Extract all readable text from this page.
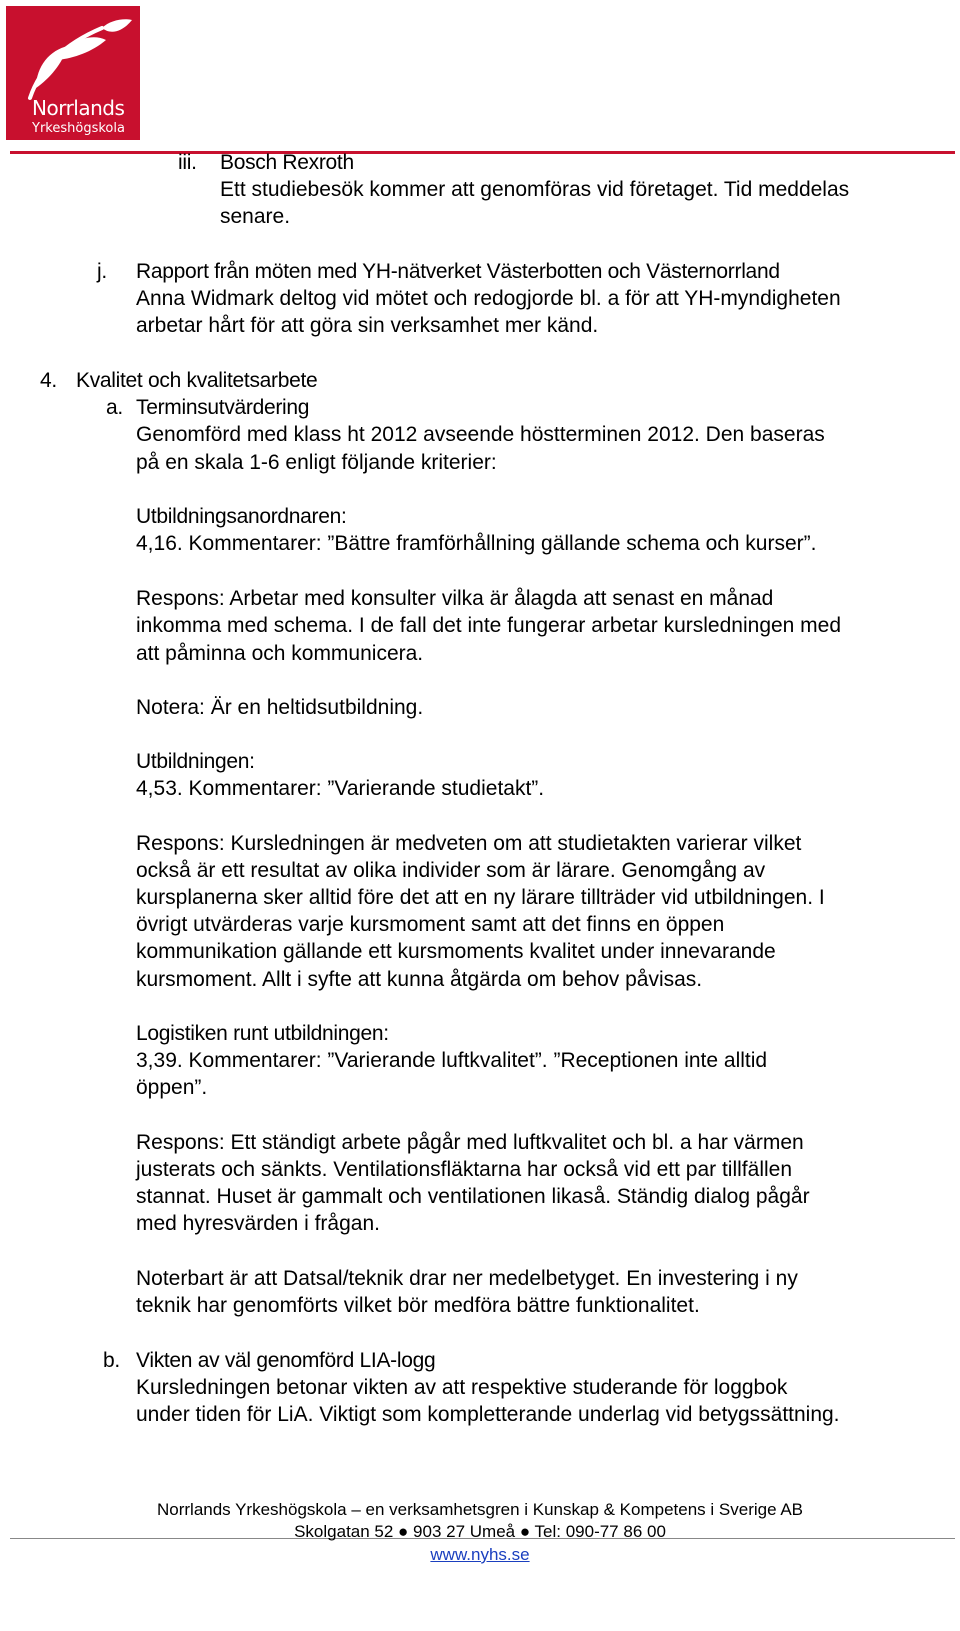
Norrlands
Yrkeshögskola
iii. Bosch Rexroth
Ett studiebesök kommer att genomföras vid företaget. Tid meddelas
senare.
j. Rapport från möten med YH-nätverket Västerbotten och Västernorrland
Anna Widmark deltog vid mötet och redogjorde bl. a för att YH-myndigheten
arbetar hårt för att göra sin verksamhet mer känd.
4. Kvalitet och kvalitetsarbete
a. Terminsutvärdering
Genomförd med klass ht 2012 avseende höstterminen 2012. Den baseras
på en skala 1-6 enligt följande kriterier:
Utbildningsanordnaren:
4,16. Kommentarer: ”Bättre framförhållning gällande schema och kurser”.
Respons: Arbetar med konsulter vilka är ålagda att senast en månad
inkomma med schema. I de fall det inte fungerar arbetar kursledningen med
att påminna och kommunicera.
Notera: Är en heltidsutbildning.
Utbildningen:
4,53. Kommentarer: ”Varierande studietakt”.
Respons: Kursledningen är medveten om att studietakten varierar vilket
också är ett resultat av olika individer som är lärare. Genomgång av
kursplanerna sker alltid före det att en ny lärare tillträder vid utbildningen. I
övrigt utvärderas varje kursmoment samt att det finns en öppen
kommunikation gällande ett kursmoments kvalitet under innevarande
kursmoment. Allt i syfte att kunna åtgärda om behov påvisas.
Logistiken runt utbildningen:
3,39. Kommentarer: ”Varierande luftkvalitet”. ”Receptionen inte alltid
öppen”.
Respons: Ett ständigt arbete pågår med luftkvalitet och bl. a har värmen
justerats och sänkts. Ventilationsfläktarna har också vid ett par tillfällen
stannat. Huset är gammalt och ventilationen likaså. Ständig dialog pågår
med hyresvärden i frågan.
Noterbart är att Datsal/teknik drar ner medelbetyget. En investering i ny
teknik har genomförts vilket bör medföra bättre funktionalitet.
b. Vikten av väl genomförd LIA-logg
Kursledningen betonar vikten av att respektive studerande för loggbok
under tiden för LiA. Viktigt som kompletterande underlag vid betygssättning.
Norrlands Yrkeshögskola – en verksamhetsgren i Kunskap & Kompetens i Sverige AB
Skolgatan 52 ● 903 27 Umeå ● Tel: 090-77 86 00
www.nyhs.se
